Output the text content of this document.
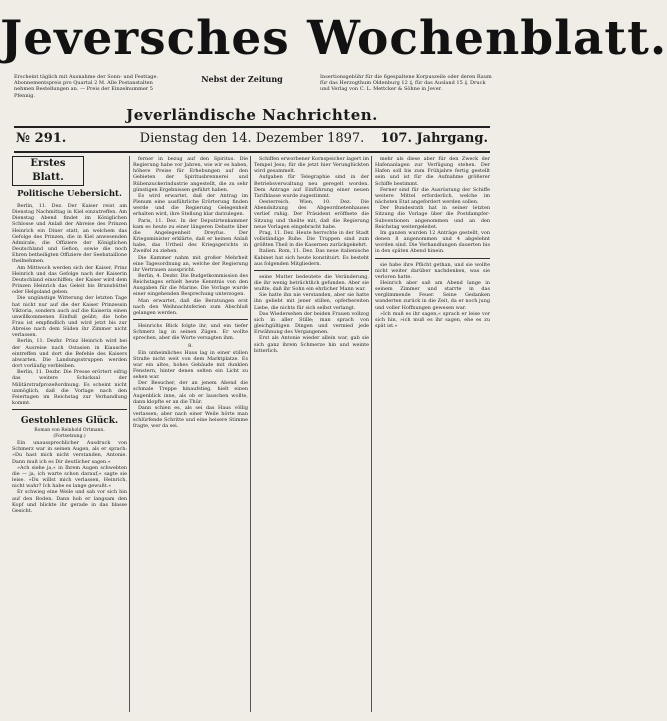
Jeversches Wochenblatt.
Erscheint täglich mit Ausnahme der Sonn- und Festtage. Abonnementspreis pro Quartal 2 M. Alle Postanstalten nehmen Bestellungen an. — Preis der Einzelnummer 5 Pfennig.
Nebst der Zeitung	Insertionsgebühr für die 6gespaltene Korpuszeile oder deren Raum für das Herzogthum Oldenburg 12 ₰, für das Ausland 15 ₰. Druck und Verlag von C. L. Mettcker & Söhne in Jever.
Jeverländische Nachrichten.
№ 291.	Dienstag den 14. Dezember 1897.	107. Jahrgang.
Erstes Blatt.
Politische Uebersicht.

Berlin, 11. Dez. Der Kaiser reist am Dienstag Nachmittag in Kiel einzutreffen. Am Dienstag Abend findet im Königlichen Schlosse und Anlaß der Abreise des Prinzen Heinrich ein Diner statt, an welchem das Gefolge des Prinzen, die in Kiel anwesenden Admirale, die Offiziere der Königlichen Deutschland und Gefion, sowie die noch Ehren betheiligten Offiziere der Seebataillone theilnehmen.

Am Mittwoch werden sich der Kaiser, Prinz Heinrich und das Gefolge nach der Kaiserin Deutschland einschiffen; der Kaiser wird dem Prinzen Heinrich das Geleit bis Brunsbüttel oder Helgoland geben.

Die ungünstige Witterung der letzten Tage hat nicht nur auf die der Kaiser Prinzessin Viktoria, sondern auch auf die Kaiserin einen unwillkommenen Einfluß geübt; die hohe Frau ist empfindlich und wird jetzt bis zur Abreise nach dem Süden ihr Zimmer nicht verlassen.

Berlin, 11. Dezbr. Prinz Heinrich wird bei der Ausreise nach Ostasien in Kiausche eintreffen und dort die Befehle des Kaisers abwarten. Die Landungsstruppen werden dort vorläufig verbleiben.

Berlin, 11. Dezbr. Die Presse erörtert eifrig das weitere Schicksal der Militärstrafprozeßordnung. Es scheint nicht unmöglich, daß die Vorlage nach den Feiertagen im Reichstag zur Verhandlung kommt.

Gestohlenes Glück.
Roman von Reinhold Ortmann.
(Fortsetzung.)

Ein unaussprechlicher Ausdruck von Schmerz war in seinen Augen, als er sprach: »Du hast mich nicht verstanden, Antonie. Dann muß ich es Dir deutlicher sagen.«

»Ach siehe ja,« in Ihrem Augen schwebten die — ja, ich warte schon darauf,« sagte sie leise. »Du willst mich verlassen, Heinrich, nicht wahr? Ich habe es lange gewußt.«

Er schwieg eine Weile und sah vor sich hin auf den Boden. Dann hob er langsam den Kopf und blickte ihr gerade in das blasse Gesicht.

ferner in bezug auf den Spiritus. Die Regierung habe vor Jahren, wie wir es haben, höhere Preise für Erhebungen auf den Gebieten der Spiritusbrennerei und Rübenzuckerindustrie angestellt, die zu sehr günstigen Ergebnissen geführt haben.

Es wird erwartet, daß der Antrag im Plenum eine ausführliche Erörterung finden werde und die Regierung Gelegenheit erhalten wird, ihre Stellung klar darzulegen.

Paris, 11. Dez. In der Deputirtenkammer kam es heute zu einer längeren Debatte über die Angelegenheit Dreyfus. Der Kriegsminister erklärte, daß er keinen Anlaß habe, das Urtheil des Kriegsgerichts in Zweifel zu ziehen.

Die Kammer nahm mit großer Mehrheit eine Tagesordnung an, welche der Regierung ihr Vertrauen ausspricht.

Berlin, 4. Dezbr. Die Budgetkommission des Reichstages erhielt heute Kenntnis von den Ausgaben für die Marine. Die Vorlage wurde einer eingehenden Besprechung unterzogen.

Man erwartet, daß die Beratungen erst nach den Weihnachtsferien zum Abschluß gelangen werden.

Heinrichs Blick folgte ihr, und ein tiefer Schmerz lag in seinen Zügen. Er wollte sprechen, aber die Worte versagten ihm.

8.

Ein unheimliches Haus lag in einer stillen Straße nicht weit von dem Marktplatze. Es war ein altes, hohes Gebäude mit dunklen Fenstern, hinter denen selten ein Licht zu sehen war.

Der Besucher, der an jenem Abend die schmale Treppe hinaufstieg, hielt einen Augenblick inne, als ob er lauschen wollte, dann klopfte er an die Thür.

Dann schien es, als sei das Haus völlig verlassen; aber nach einer Weile hörte man schlürfende Schritte und eine heisere Stimme fragte, wer da sei.

Schiffen erworbener Kornspeicher lagert im Tempel Jesu; für die jetzt hier Verunglückten wird gesammelt.

Aufgaben für Telegraphie sind in der Betriebsverwaltung neu geregelt worden. Dem Antrage auf Einführung einer neuen Tarifklasse wurde zugestimmt.

Oesterreich. Wien, 10. Dez. Die Abendsitzung des Abgeordnetenhauses verlief ruhig. Der Präsident eröffnete die Sitzung und theilte mit, daß die Regierung neue Vorlagen eingebracht habe.

Prag, 11. Dez. Heute herrschte in der Stadt vollständige Ruhe. Die Truppen sind zum größten Theil in die Kasernen zurückgekehrt.

Italien. Rom, 11. Dez. Das neue italienische Kabinet hat sich heute konstituirt. Es besteht aus folgenden Mitgliedern.

seine Mutter bedeutete die Veränderung, die ihr wenig beträchtlich gefunden. Aber sie wußte, daß ihr Sohn ein ehrlicher Mann war.

Sie hatte ihn nie verstanden, aber sie hatte ihn geliebt mit jener stillen, opferbereiten Liebe, die nichts für sich selbst verlangt.

Das Wiedersehen der beiden Frauen vollzog sich in aller Stille; man sprach von gleichgültigen Dingen und vermied jede Erwähnung des Vergangenen.

Erst als Antonie wieder allein war, gab sie sich ganz ihrem Schmerze hin und weinte bitterlich.

mehr als diese aber für den Zweck der Hafenanlagen zur Verfügung stehen. Der Hafen soll bis zum Frühjahre fertig gestellt sein und ist für die Aufnahme größerer Schiffe bestimmt.

Ferner sind für die Ausrüstung der Schiffe weitere Mittel erforderlich, welche im nächsten Etat angefordert werden sollen.

Der Bundesrath hat in seiner letzten Sitzung die Vorlage über die Postdampfer-Subventionen angenommen und an den Reichstag weitergeleitet.

Im ganzen wurden 12 Anträge gestellt, von denen 8 angenommen und 4 abgelehnt worden sind. Die Verhandlungen dauerten bis in den späten Abend hinein.

sie habe ihre Pflicht gethan, und sie wollte nicht weiter darüber nachdenken, was sie verloren hatte.

Heinrich aber saß am Abend lange in seinem Zimmer und starrte in das verglimmende Feuer. Seine Gedanken wanderten zurück in die Zeit, da er noch jung und voller Hoffnungen gewesen war.

»Ich muß es ihr sagen,« sprach er leise vor sich hin, »ich muß es ihr sagen, ehe es zu spät ist.«
